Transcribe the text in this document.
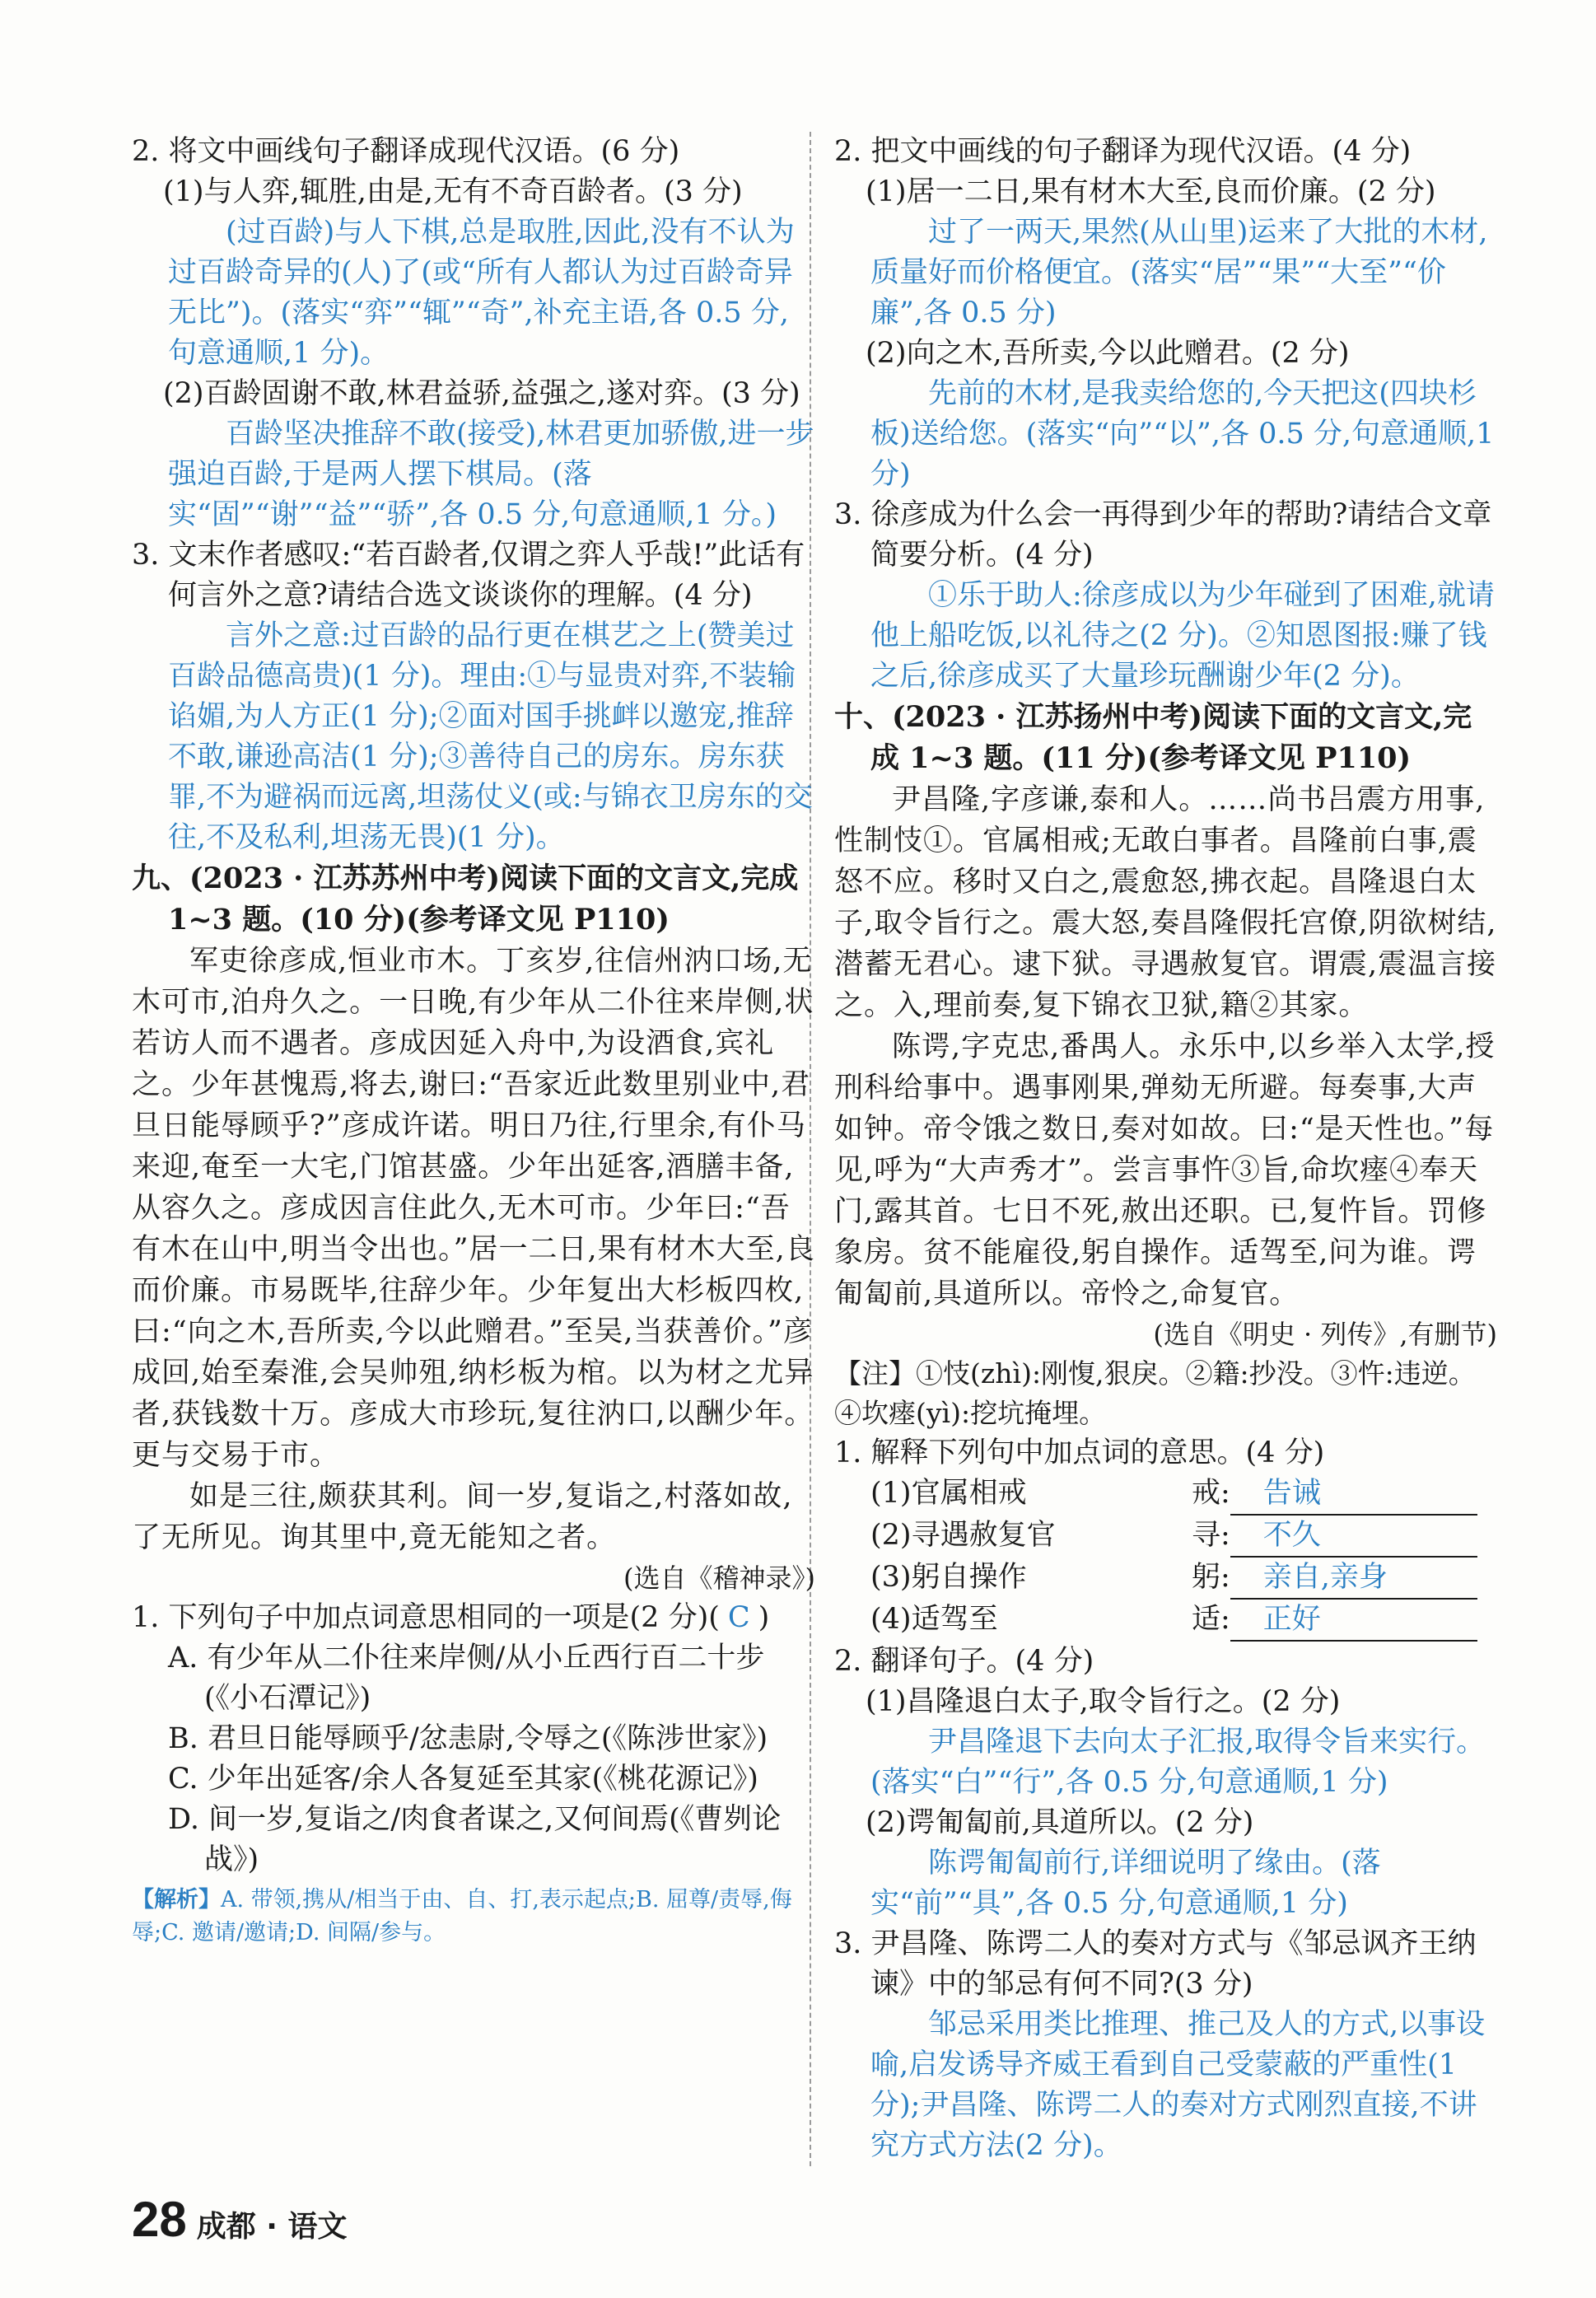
2. 将文中画线句子翻译成现代汉语。(6 分)

(1)与人弈,辄胜,由是,无有不奇百龄者。(3 分)

(过百龄)与人下棋,总是取胜,因此,没有不认为过百龄奇异的(人)了(或“所有人都认为过百龄奇异无比”)。(落实“弈”“辄”“奇”,补充主语,各 0.5 分,句意通顺,1 分)。

(2)百龄固谢不敢,林君益骄,益强之,遂对弈。(3 分)

百龄坚决推辞不敢(接受),林君更加骄傲,进一步强迫百龄,于是两人摆下棋局。(落实“固”“谢”“益”“骄”,各 0.5 分,句意通顺,1 分。)

3. 文末作者感叹:“若百龄者,仅谓之弈人乎哉!”此话有何言外之意?请结合选文谈谈你的理解。(4 分)

言外之意:过百龄的品行更在棋艺之上(赞美过百龄品德高贵)(1 分)。理由:①与显贵对弈,不装输谄媚,为人方正(1 分);②面对国手挑衅以邀宠,推辞不敢,谦逊高洁(1 分);③善待自己的房东。房东获罪,不为避祸而远离,坦荡仗义(或:与锦衣卫房东的交往,不及私利,坦荡无畏)(1 分)。

九、(2023 · 江苏苏州中考)阅读下面的文言文,完成 1~3 题。(10 分)(参考译文见 P110)

军吏徐彦成,恒业市木。丁亥岁,往信州汭口场,无木可市,泊舟久之。一日晚,有少年从二仆往来岸侧,状若访人而不遇者。彦成因延入舟中,为设酒食,宾礼之。少年甚愧焉,将去,谢曰:“吾家近此数里别业中,君旦日能辱顾乎?”彦成许诺。明日乃往,行里余,有仆马来迎,奄至一大宅,门馆甚盛。少年出延客,酒膳丰备,从容久之。彦成因言住此久,无木可市。少年曰:“吾有木在山中,明当令出也。”居一二日,果有材木大至,良而价廉。市易既毕,往辞少年。少年复出大杉板四枚,曰:“向之木,吾所卖,今以此赠君。”至吴,当获善价。”彦成回,始至秦淮,会吴帅殂,纳杉板为棺。以为材之尤异者,获钱数十万。彦成大市珍玩,复往汭口,以酬少年。更与交易于市。

如是三往,颇获其利。间一岁,复诣之,村落如故,了无所见。询其里中,竟无能知之者。

(选自《稽神录》)

1. 下列句子中加点词意思相同的一项是(2 分)( C )

A. 有少年从二仆往来岸侧/从小丘西行百二十步(《小石潭记》)

B. 君旦日能辱顾乎/忿恚尉,令辱之(《陈涉世家》)

C. 少年出延客/余人各复延至其家(《桃花源记》)

D. 间一岁,复诣之/肉食者谋之,又何间焉(《曹刿论战》)

【解析】A. 带领,携从/相当于由、自、打,表示起点;B. 屈尊/责辱,侮辱;C. 邀请/邀请;D. 间隔/参与。

2. 把文中画线的句子翻译为现代汉语。(4 分)

(1)居一二日,果有材木大至,良而价廉。(2 分)

过了一两天,果然(从山里)运来了大批的木材,质量好而价格便宜。(落实“居”“果”“大至”“价廉”,各 0.5 分)

(2)向之木,吾所卖,今以此赠君。(2 分)

先前的木材,是我卖给您的,今天把这(四块杉板)送给您。(落实“向”“以”,各 0.5 分,句意通顺,1 分)

3. 徐彦成为什么会一再得到少年的帮助?请结合文章简要分析。(4 分)

①乐于助人:徐彦成以为少年碰到了困难,就请他上船吃饭,以礼待之(2 分)。②知恩图报:赚了钱之后,徐彦成买了大量珍玩酬谢少年(2 分)。

十、(2023 · 江苏扬州中考)阅读下面的文言文,完成 1~3 题。(11 分)(参考译文见 P110)

尹昌隆,字彦谦,泰和人。……尚书吕震方用事,性制忮①。官属相戒;无敢白事者。昌隆前白事,震怒不应。移时又白之,震愈怒,拂衣起。昌隆退白太子,取令旨行之。震大怒,奏昌隆假托宫僚,阴欲树结,潜蓄无君心。逮下狱。寻遇赦复官。谓震,震温言接之。入,理前奏,复下锦衣卫狱,籍②其家。

陈谔,字克忠,番禺人。永乐中,以乡举入太学,授刑科给事中。遇事刚果,弹劾无所避。每奏事,大声如钟。帝令饿之数日,奏对如故。曰:“是天性也。”每见,呼为“大声秀才”。尝言事忤③旨,命坎瘗④奉天门,露其首。七日不死,赦出还职。已,复忤旨。罚修象房。贫不能雇役,躬自操作。适驾至,问为谁。谔匍匐前,具道所以。帝怜之,命复官。

(选自《明史 · 列传》,有删节)

【注】①忮(zhì):刚愎,狠戾。②籍:抄没。③忤:违逆。④坎瘗(yì):挖坑掩埋。

1. 解释下列句中加点词的意思。(4 分)

(1)官属相戒	戒:	告诫
(2)寻遇赦复官	寻:	不久
(3)躬自操作	躬:	亲自,亲身
(4)适驾至	适:	正好

2. 翻译句子。(4 分)

(1)昌隆退白太子,取令旨行之。(2 分)

尹昌隆退下去向太子汇报,取得令旨来实行。(落实“白”“行”,各 0.5 分,句意通顺,1 分)

(2)谔匍匐前,具道所以。(2 分)

陈谔匍匐前行,详细说明了缘由。(落实“前”“具”,各 0.5 分,句意通顺,1 分)

3. 尹昌隆、陈谔二人的奏对方式与《邹忌讽齐王纳谏》中的邹忌有何不同?(3 分)

邹忌采用类比推理、推己及人的方式,以事设喻,启发诱导齐威王看到自己受蒙蔽的严重性(1 分);尹昌隆、陈谔二人的奏对方式刚烈直接,不讲究方式方法(2 分)。

28 成都 · 语文
